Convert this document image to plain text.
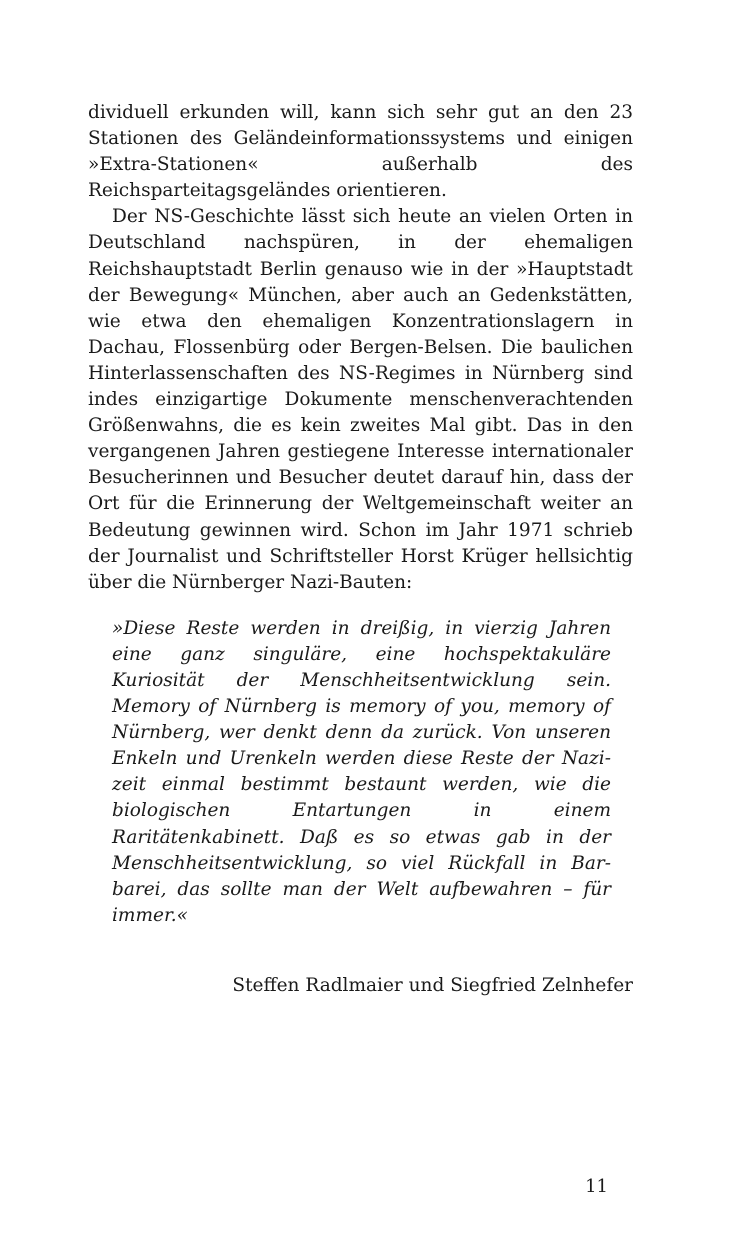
dividuell erkunden will, kann sich sehr gut an den 23 Stationen des Geländeinformationssystems und einigen »Extra-Stationen« außerhalb des Reichsparteitagsgeländes orientieren.

Der NS-Geschichte lässt sich heute an vielen Orten in Deutschland nachspüren, in der ehemaligen Reichshauptstadt Berlin genauso wie in der »Hauptstadt der Bewegung« München, aber auch an Gedenkstätten, wie etwa den ehemaligen Konzentrationslagern in Dachau, Flossenbürg oder Bergen-Belsen. Die baulichen Hinterlassenschaften des NS-Regimes in Nürnberg sind indes einzigartige Dokumente menschenverachtenden Größenwahns, die es kein zweites Mal gibt. Das in den vergangenen Jahren gestiegene Interesse internationaler Besucherinnen und Besucher deutet darauf hin, dass der Ort für die Erinnerung der Weltgemeinschaft weiter an Bedeutung gewinnen wird. Schon im Jahr 1971 schrieb der Journalist und Schriftsteller Horst Krüger hellsichtig über die Nürnberger Nazi-Bauten:

»Diese Reste werden in dreißig, in vierzig Jahren eine ganz singuläre, eine hochspektakuläre Kuriosität der Menschheitsentwicklung sein. Memory of Nürnberg is memory of you, memory of Nürnberg, wer denkt denn da zurück. Von unseren Enkeln und Urenkeln werden diese Reste der Nazizeit einmal bestimmt bestaunt werden, wie die biologischen Entartungen in einem Raritätenkabinett. Daß es so etwas gab in der Menschheitsentwicklung, so viel Rückfall in Barbarei, das sollte man der Welt aufbewahren – für immer.«

Steffen Radlmaier und Siegfried Zelnhefer

11
